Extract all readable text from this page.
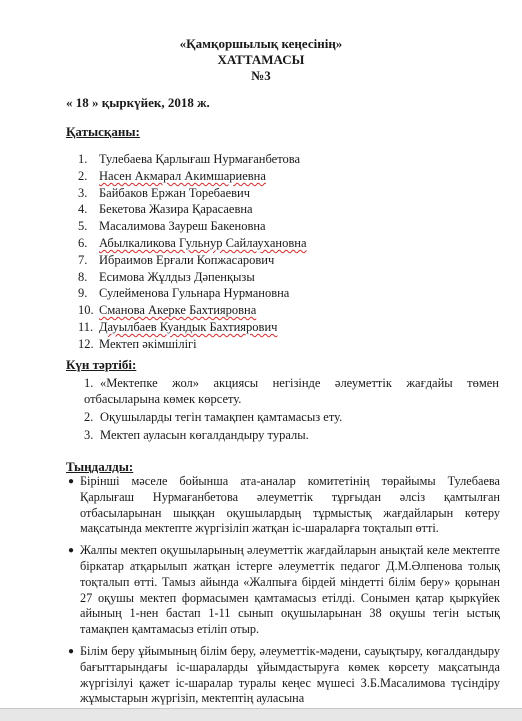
«Қамқоршылық кеңесінің»
ХАТТАМАСЫ
№3
« 18 » қыркүйек, 2018 ж.
Қатысқаны:
1. Тулебаева Қарлығаш Нурмағанбетова
2. Насен Акмарал Акимшариевна
3. Байбаков Ержан Торебаевич
4. Бекетова Жазира Қарасаевна
5. Масалимова Зауреш Бакеновна
6. Абылкаликова Гульнур Сайлауxановна
7. Ибраимов Ерғали Копжасарович
8. Есимова Жұлдыз Дәпенқызы
9. Сулейменова Гульнара Нурмановна
10. Сманова Акерке Бахтияровна
11. Дауылбаев Куандык Бахтиярович
12. Мектеп әкімшілігі
Күн тәртібі:
1. «Мектепке жол» акциясы негізінде әлеуметтік жағдайы төмен отбасыларына көмек көрсету.
2. Оқушыларды тегін тамақпен қамтамасыз ету.
3. Мектеп ауласын көгалдандыру туралы.
Тыңдалды:
● Бірінші мәселе бойынша ата-аналар комитетінің төрайымы Тулебаева Қарлығаш Нурмағанбетова әлеуметтік тұрғыдан әлсіз қамтылған отбасыларынан шыққан оқушылардың тұрмыстық жағдайларын көтеру мақсатында мектепте жүргізіліп жатқан іс-шараларға тоқталып өтті.
● Жалпы мектеп оқушыларының әлеуметтік жағдайларын анықтай келе мектепте біркатар атқарылып жатқан істерге әлеуметтік педагог Д.М.Әлпенова толық тоқталып өтті. Тамыз айында «Жалпыға бірдей міндетті білім беру» қорынан 27 оқушы мектеп формасымен қамтамасыз етілді. Сонымен қатар қыркүйек айының 1-нен бастап 1-11 сынып оқушыларынан 38 оқушы тегін ыстық тамақпен қамтамасыз етіліп отыр.
● Білім беру ұйымының білім беру, әлеуметтік-мәдени, сауықтыру, көгалдандыру бағыттарындағы іс-шараларды ұйымдастыруға көмек көрсету мақсатында жүргізілуі қажет іс-шаралар туралы кеңес мүшесі З.Б.Масалимова түсіндіру жұмыстарын жүргізіп, мектептің ауласына
